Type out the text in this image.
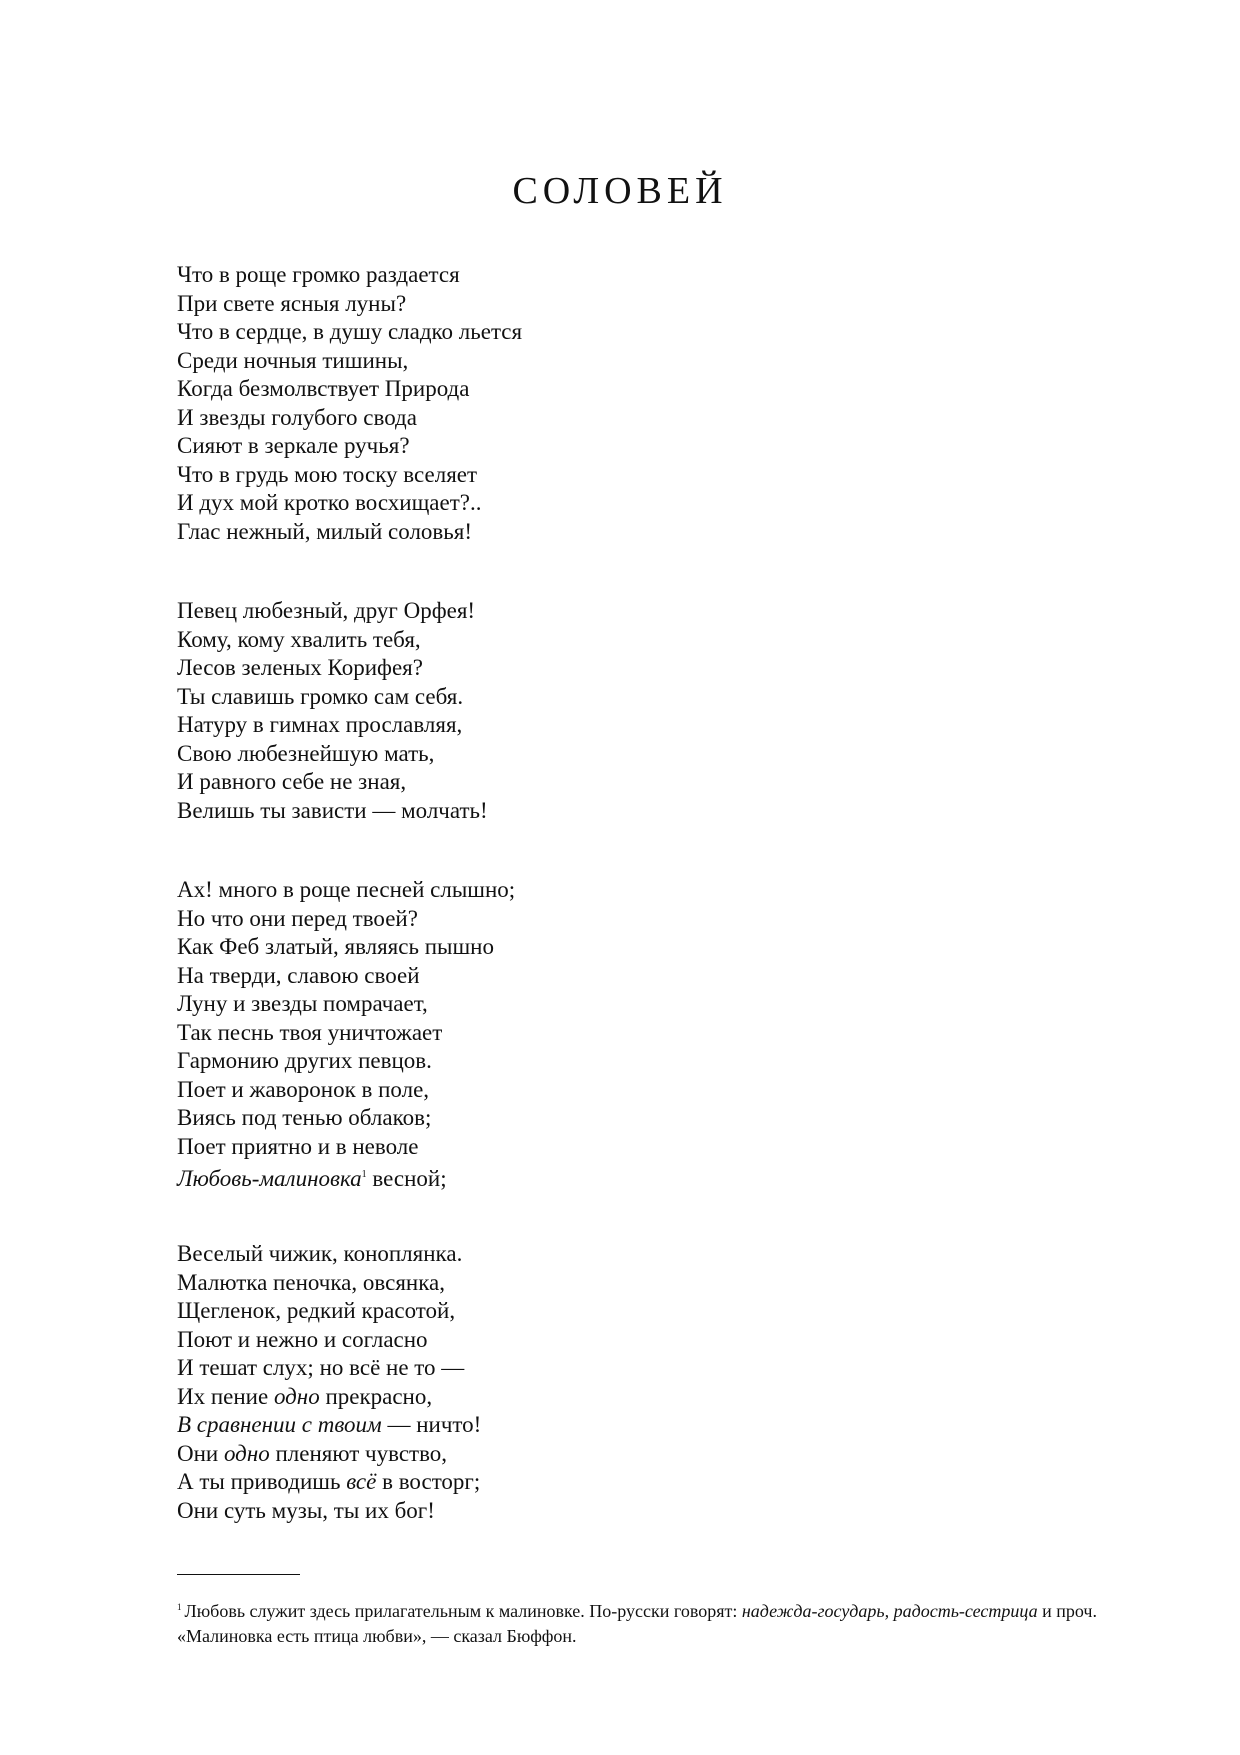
СОЛОВЕЙ
Что в роще громко раздается
При свете ясныя луны?
Что в сердце, в душу сладко льется
Среди ночныя тишины,
Когда безмолвствует Природа
И звезды голубого свода
Сияют в зеркале ручья?
Что в грудь мою тоску вселяет
И дух мой кротко восхищает?..
Глас нежный, милый соловья!
Певец любезный, друг Орфея!
Кому, кому хвалить тебя,
Лесов зеленых Корифея?
Ты славишь громко сам себя.
Натуру в гимнах прославляя,
Свою любезнейшую мать,
И равного себе не зная,
Велишь ты зависти — молчать!
Ах! много в роще песней слышно;
Но что они перед твоей?
Как Феб златый, являясь пышно
На тверди, славою своей
Луну и звезды помрачает,
Так песнь твоя уничтожает
Гармонию других певцов.
Поет и жаворонок в поле,
Виясь под тенью облаков;
Поет приятно и в неволе
Любовь-малиновка$^1$ весной;
Веселый чижик, коноплянка.
Малютка пеночка, овсянка,
Щегленок, редкий красотой,
Поют и нежно и согласно
И тешат слух; но всё не то —
Их пение одно прекрасно,
В сравнении с твоим — ничто!
Они одно пленяют чувство,
А ты приводишь всё в восторг;
Они суть музы, ты их бог!
$^1$ Любовь служит здесь прилагательным к малиновке. По-русски говорят: надежда-государь, радость-сестрица и проч. «Малиновка есть птица любви», — сказал Бюффон.
